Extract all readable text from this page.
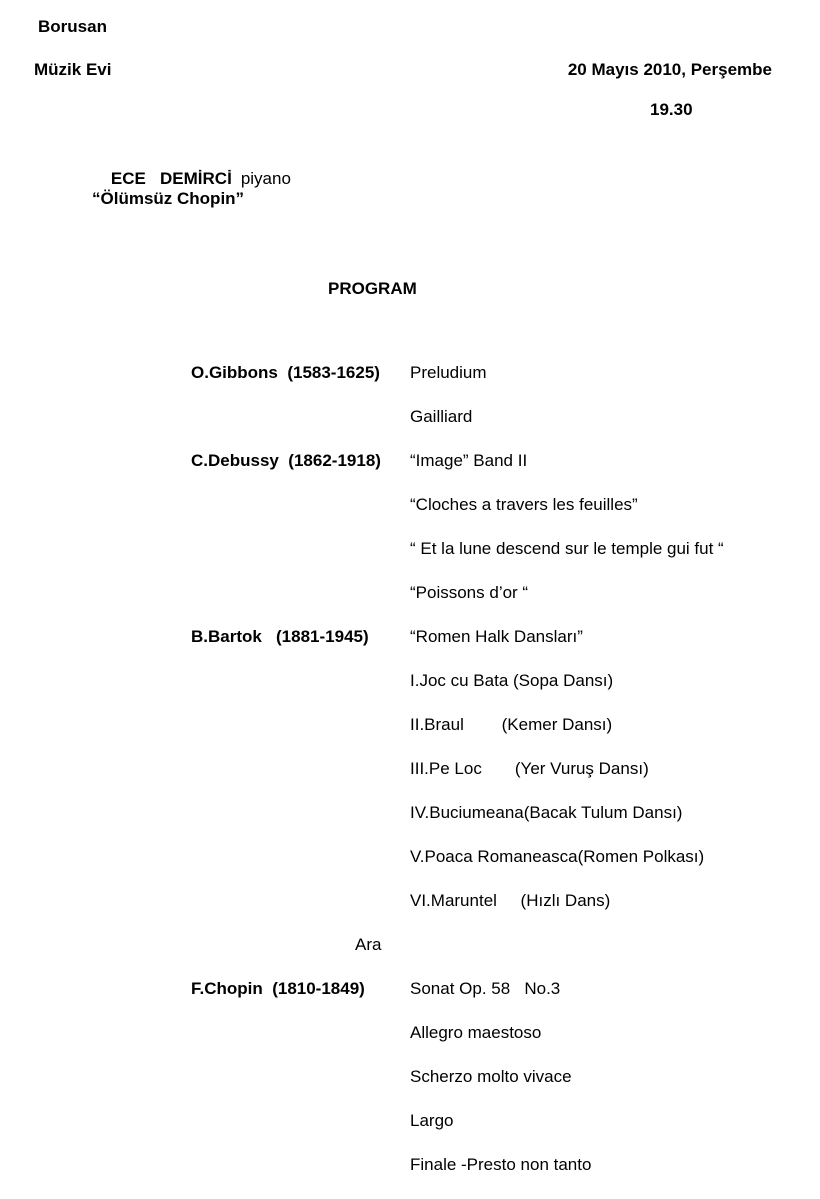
Borusan
Müzik Evi	20 Mayıs 2010, Perşembe
19.30

ECE   DEMİRCİ piyano

“Ölümsüz Chopin”
PROGRAM
O.Gibbons  (1583-1625) Preludium
Gailliard
C.Debussy  (1862-1918) “Image” Band II
“Cloches a travers les feuilles”
“ Et la lune descend sur le temple gui fut “
“Poissons d’or “
B.Bartok   (1881-1945) “Romen Halk Dansları”
I.Joc cu Bata (Sopa Dansı)
II.Braul        (Kemer Dansı)
III.Pe Loc       (Yer Vuruş Dansı)
IV.Buciumeana(Bacak Tulum Dansı)
V.Poaca Romaneasca(Romen Polkası)
VI.Maruntel     (Hızlı Dans)
Ara
F.Chopin  (1810-1849)	Sonat Op. 58   No.3
Allegro maestoso
Scherzo molto vivace
Largo
Finale -Presto non tanto
